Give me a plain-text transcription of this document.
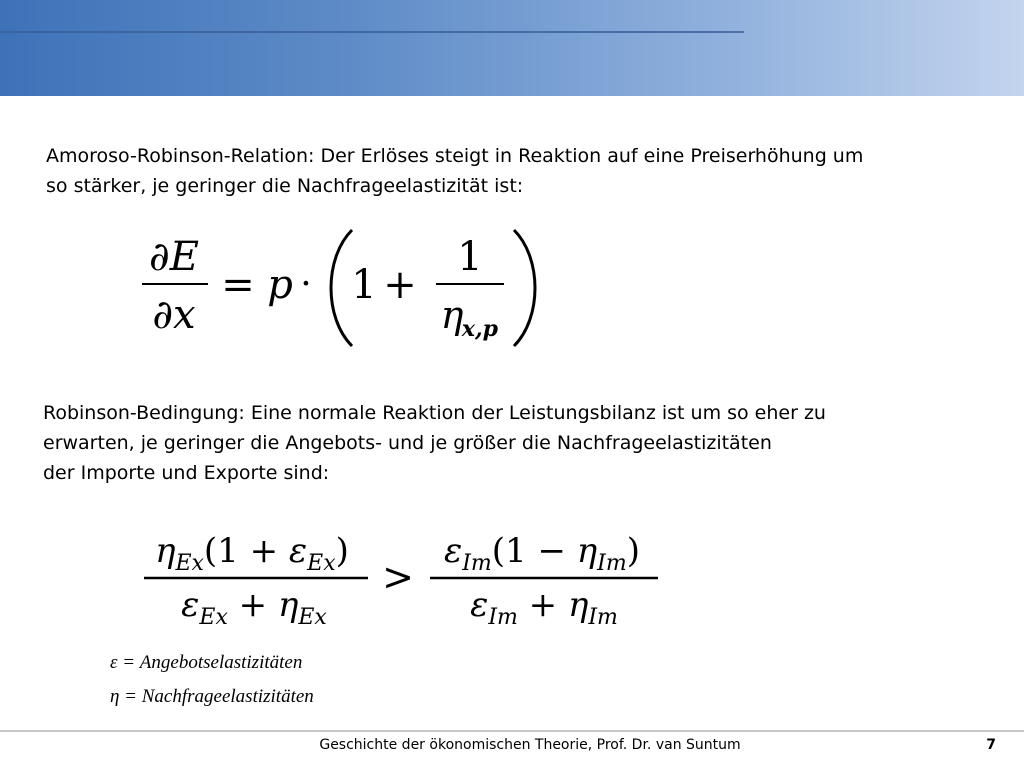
Amoroso-Robinson-Relation: Der Erlöses steigt in Reaktion auf eine Preiserhöhung um
so stärker, je geringer die Nachfrageelastizität ist:
∂E
∂x
= p · 1 +
1
η
x,p
Robinson-Bedingung: Eine normale Reaktion der Leistungsbilanz ist um so eher zu
erwarten, je geringer die Angebots- und je größer die Nachfrageelastizitäten
der Importe und Exporte sind:
$\eta_{Ex}(1 + \varepsilon_{Ex})$
$\varepsilon_{Ex} + \eta_{Ex}$
>
$\varepsilon_{Im}(1 - \eta_{Im})$
$\varepsilon_{Im} + \eta_{Im}$
ε = Angebotselastizitäten
η = Nachfrageelastizitäten
Geschichte der ökonomischen Theorie, Prof. Dr. van Suntum	7
